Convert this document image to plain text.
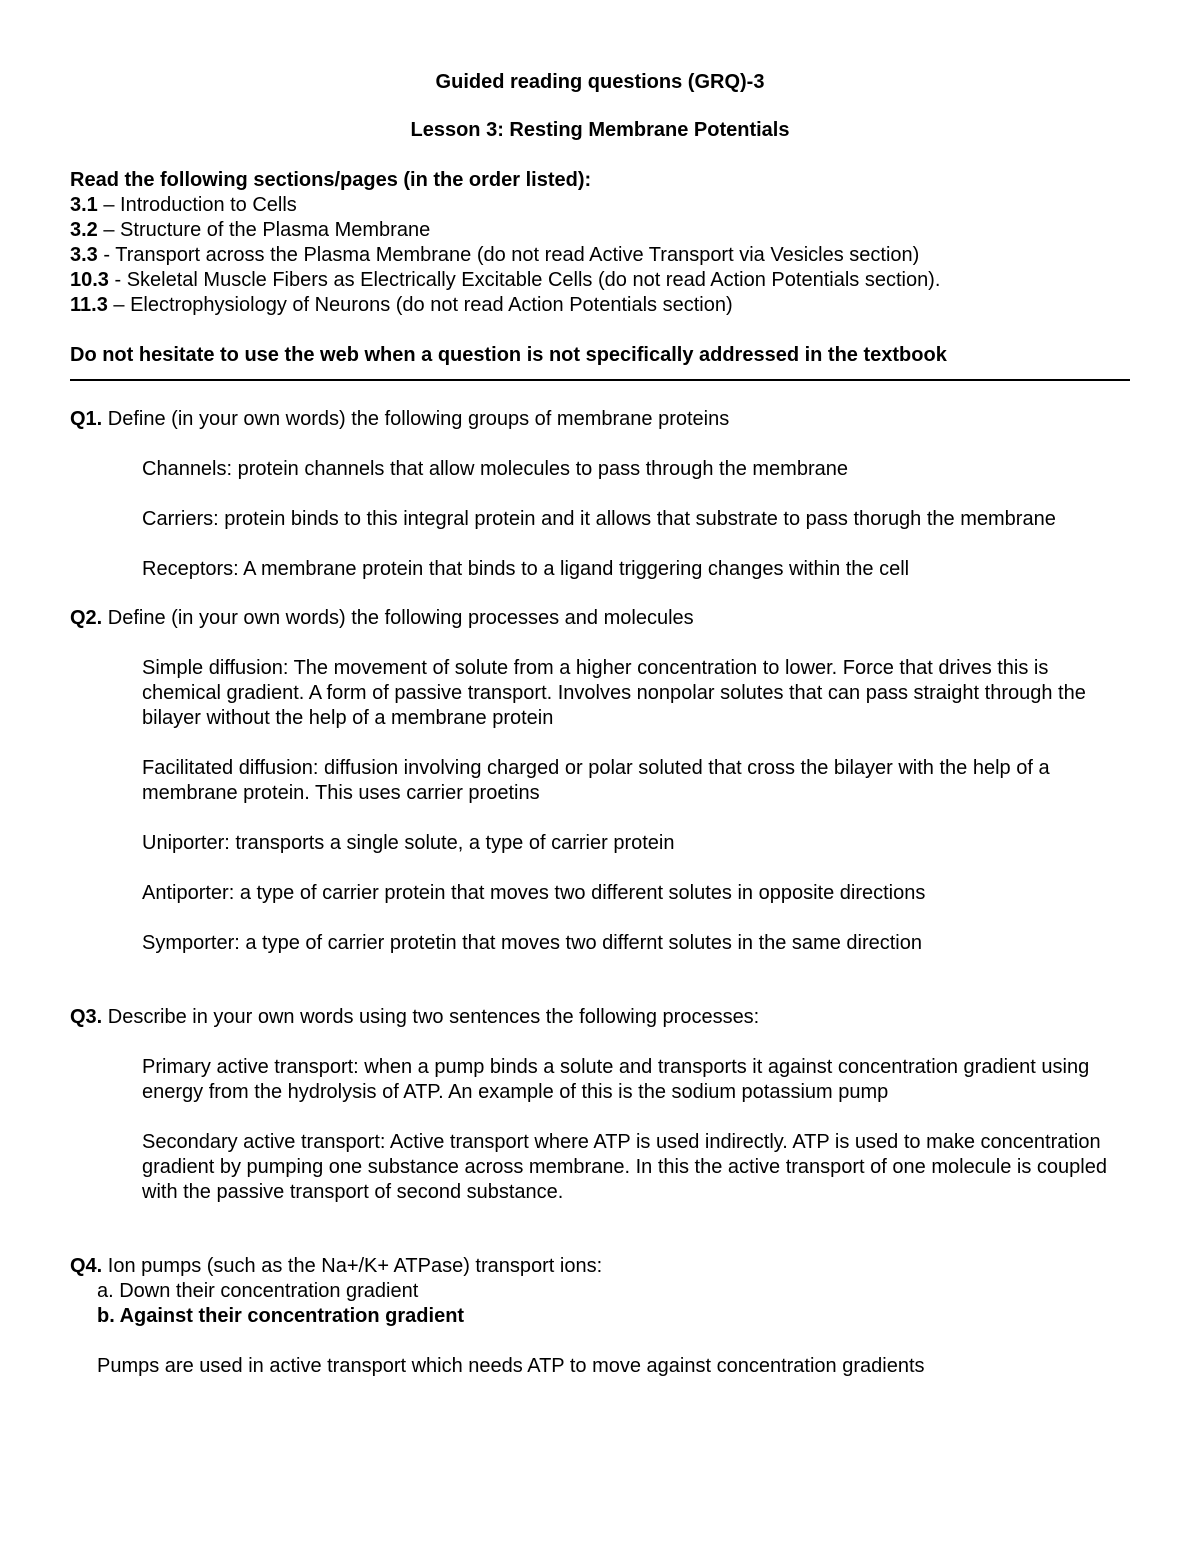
Guided reading questions (GRQ)-3

Lesson 3: Resting Membrane Potentials

Read the following sections/pages (in the order listed):

3.1 – Introduction to Cells

3.2 – Structure of the Plasma Membrane

3.3 - Transport across the Plasma Membrane (do not read Active Transport via Vesicles section)

10.3 - Skeletal Muscle Fibers as Electrically Excitable Cells (do not read Action Potentials section).

11.3 – Electrophysiology of Neurons (do not read Action Potentials section)

Do not hesitate to use the web when a question is not specifically addressed in the textbook

Q1. Define (in your own words) the following groups of membrane proteins

Channels: protein channels that allow molecules to pass through the membrane

Carriers: protein binds to this integral protein and it allows that substrate to pass thorugh the membrane

Receptors: A membrane protein that binds to a ligand triggering changes within the cell

Q2. Define (in your own words) the following processes and molecules

Simple diffusion: The movement of solute from a higher concentration to lower. Force that drives this is chemical gradient. A form of passive transport. Involves nonpolar solutes that can pass straight through the bilayer without the help of a membrane protein

Facilitated diffusion: diffusion involving charged or polar soluted that cross the bilayer with the help of a membrane protein. This uses carrier proetins

Uniporter: transports a single solute, a type of carrier protein

Antiporter: a type of carrier protein that moves two different solutes in opposite directions

Symporter: a type of carrier protetin that moves two differnt solutes in the same direction

Q3. Describe in your own words using two sentences the following processes:

Primary active transport: when a pump binds a solute and transports it against concentration gradient using energy from the hydrolysis of ATP. An example of this is the sodium potassium pump

Secondary active transport: Active transport where ATP is used indirectly. ATP is used to make concentration gradient by pumping one substance across membrane. In this the active transport of one molecule is coupled with the passive transport of second substance.

Q4. Ion pumps (such as the Na+/K+ ATPase) transport ions:

a. Down their concentration gradient

b. Against their concentration gradient

Pumps are used in active transport which needs ATP to move against concentration gradients
